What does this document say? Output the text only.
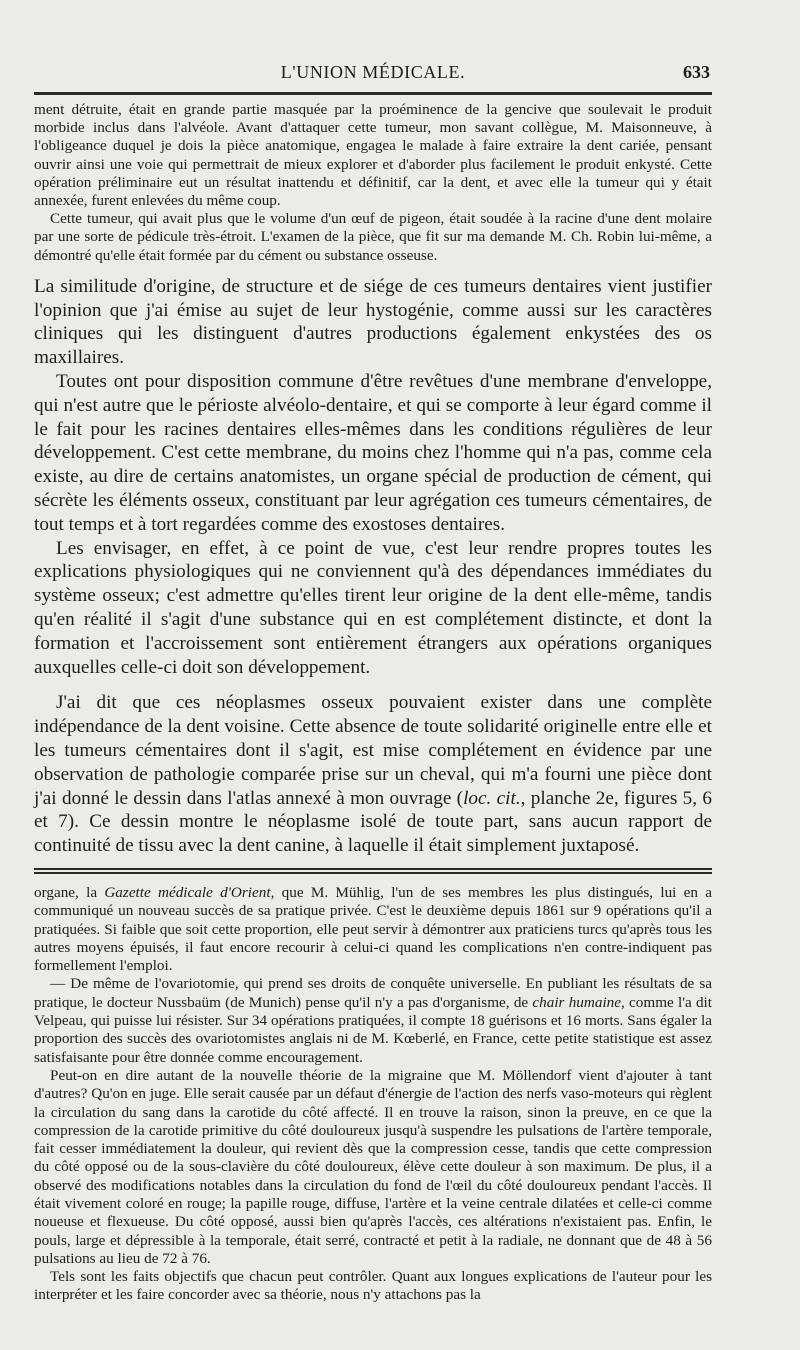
L'UNION MÉDICALE.	633

ment détruite, était en grande partie masquée par la proéminence de la gencive que soulevait le produit morbide inclus dans l'alvéole. Avant d'attaquer cette tumeur, mon savant collègue, M. Maisonneuve, à l'obligeance duquel je dois la pièce anatomique, engagea le malade à faire extraire la dent cariée, pensant ouvrir ainsi une voie qui permettrait de mieux explorer et d'aborder plus facilement le produit enkysté. Cette opération préliminaire eut un résultat inattendu et définitif, car la dent, et avec elle la tumeur qui y était annexée, furent enlevées du même coup.

Cette tumeur, qui avait plus que le volume d'un œuf de pigeon, était soudée à la racine d'une dent molaire par une sorte de pédicule très-étroit. L'examen de la pièce, que fit sur ma demande M. Ch. Robin lui-même, a démontré qu'elle était formée par du cément ou substance osseuse.

La similitude d'origine, de structure et de siége de ces tumeurs dentaires vient justifier l'opinion que j'ai émise au sujet de leur hystogénie, comme aussi sur les caractères cliniques qui les distinguent d'autres productions également enkystées des os maxillaires.

Toutes ont pour disposition commune d'être revêtues d'une membrane d'enveloppe, qui n'est autre que le périoste alvéolo-dentaire, et qui se comporte à leur égard comme il le fait pour les racines dentaires elles-mêmes dans les conditions régulières de leur développement. C'est cette membrane, du moins chez l'homme qui n'a pas, comme cela existe, au dire de certains anatomistes, un organe spécial de production de cément, qui sécrète les éléments osseux, constituant par leur agrégation ces tumeurs cémentaires, de tout temps et à tort regardées comme des exostoses dentaires.

Les envisager, en effet, à ce point de vue, c'est leur rendre propres toutes les explications physiologiques qui ne conviennent qu'à des dépendances immédiates du système osseux; c'est admettre qu'elles tirent leur origine de la dent elle-même, tandis qu'en réalité il s'agit d'une substance qui en est complétement distincte, et dont la formation et l'accroissement sont entièrement étrangers aux opérations organiques auxquelles celle-ci doit son développement.

J'ai dit que ces néoplasmes osseux pouvaient exister dans une complète indépendance de la dent voisine. Cette absence de toute solidarité originelle entre elle et les tumeurs cémentaires dont il s'agit, est mise complétement en évidence par une observation de pathologie comparée prise sur un cheval, qui m'a fourni une pièce dont j'ai donné le dessin dans l'atlas annexé à mon ouvrage (loc. cit., planche 2e, figures 5, 6 et 7). Ce dessin montre le néoplasme isolé de toute part, sans aucun rapport de continuité de tissu avec la dent canine, à laquelle il était simplement juxtaposé.

organe, la Gazette médicale d'Orient, que M. Mühlig, l'un de ses membres les plus distingués, lui en a communiqué un nouveau succès de sa pratique privée. C'est le deuxième depuis 1861 sur 9 opérations qu'il a pratiquées. Si faible que soit cette proportion, elle peut servir à démontrer aux praticiens turcs qu'après tous les autres moyens épuisés, il faut encore recourir à celui-ci quand les complications n'en contre-indiquent pas formellement l'emploi.

— De même de l'ovariotomie, qui prend ses droits de conquête universelle. En publiant les résultats de sa pratique, le docteur Nussbaüm (de Munich) pense qu'il n'y a pas d'organisme, de chair humaine, comme l'a dit Velpeau, qui puisse lui résister. Sur 34 opérations pratiquées, il compte 18 guérisons et 16 morts. Sans égaler la proportion des succès des ovariotomistes anglais ni de M. Kœberlé, en France, cette petite statistique est assez satisfaisante pour être donnée comme encouragement.

Peut-on en dire autant de la nouvelle théorie de la migraine que M. Möllendorf vient d'ajouter à tant d'autres? Qu'on en juge. Elle serait causée par un défaut d'énergie de l'action des nerfs vaso-moteurs qui règlent la circulation du sang dans la carotide du côté affecté. Il en trouve la raison, sinon la preuve, en ce que la compression de la carotide primitive du côté douloureux jusqu'à suspendre les pulsations de l'artère temporale, fait cesser immédiatement la douleur, qui revient dès que la compression cesse, tandis que cette compression du côté opposé ou de la sous-clavière du côté douloureux, élève cette douleur à son maximum. De plus, il a observé des modifications notables dans la circulation du fond de l'œil du côté douloureux pendant l'accès. Il était vivement coloré en rouge; la papille rouge, diffuse, l'artère et la veine centrale dilatées et celle-ci comme noueuse et flexueuse. Du côté opposé, aussi bien qu'après l'accès, ces altérations n'existaient pas. Enfin, le pouls, large et dépressible à la temporale, était serré, contracté et petit à la radiale, ne donnant que de 48 à 56 pulsations au lieu de 72 à 76.

Tels sont les faits objectifs que chacun peut contrôler. Quant aux longues explications de l'auteur pour les interpréter et les faire concorder avec sa théorie, nous n'y attachons pas la
